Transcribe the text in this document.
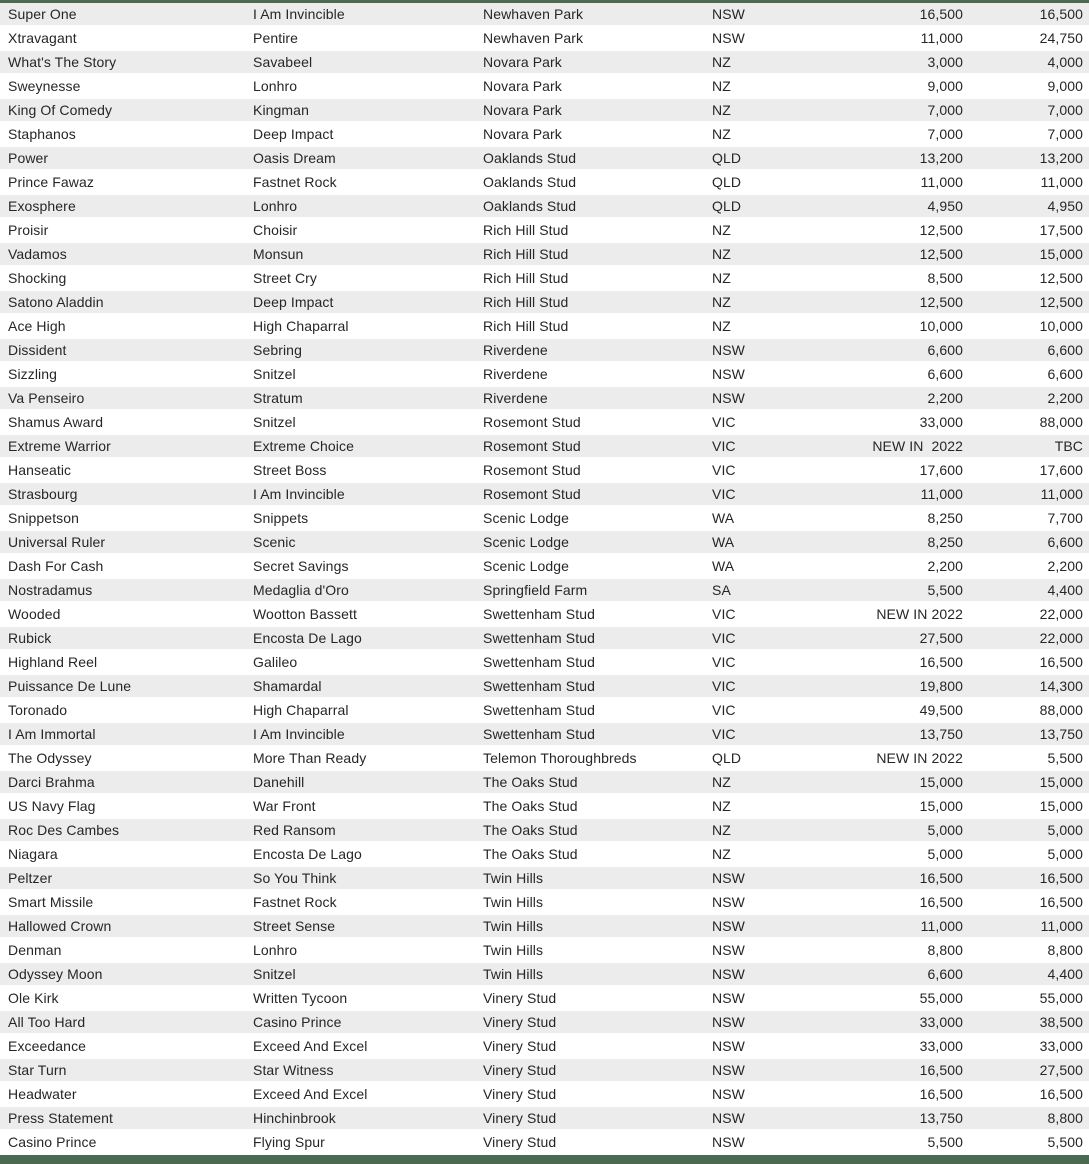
Super One	I Am Invincible	Newhaven Park	NSW	16,500	16,500
Xtravagant	Pentire	Newhaven Park	NSW	11,000	24,750
What's The Story	Savabeel	Novara Park	NZ	3,000	4,000
Sweynesse	Lonhro	Novara Park	NZ	9,000	9,000
King Of Comedy	Kingman	Novara Park	NZ	7,000	7,000
Staphanos	Deep Impact	Novara Park	NZ	7,000	7,000
Power	Oasis Dream	Oaklands Stud	QLD	13,200	13,200
Prince Fawaz	Fastnet Rock	Oaklands Stud	QLD	11,000	11,000
Exosphere	Lonhro	Oaklands Stud	QLD	4,950	4,950
Proisir	Choisir	Rich Hill Stud	NZ	12,500	17,500
Vadamos	Monsun	Rich Hill Stud	NZ	12,500	15,000
Shocking	Street Cry	Rich Hill Stud	NZ	8,500	12,500
Satono Aladdin	Deep Impact	Rich Hill Stud	NZ	12,500	12,500
Ace High	High Chaparral	Rich Hill Stud	NZ	10,000	10,000
Dissident	Sebring	Riverdene	NSW	6,600	6,600
Sizzling	Snitzel	Riverdene	NSW	6,600	6,600
Va Penseiro	Stratum	Riverdene	NSW	2,200	2,200
Shamus Award	Snitzel	Rosemont Stud	VIC	33,000	88,000
Extreme Warrior	Extreme Choice	Rosemont Stud	VIC	NEW IN  2022	TBC
Hanseatic	Street Boss	Rosemont Stud	VIC	17,600	17,600
Strasbourg	I Am Invincible	Rosemont Stud	VIC	11,000	11,000
Snippetson	Snippets	Scenic Lodge	WA	8,250	7,700
Universal Ruler	Scenic	Scenic Lodge	WA	8,250	6,600
Dash For Cash	Secret Savings	Scenic Lodge	WA	2,200	2,200
Nostradamus	Medaglia d'Oro	Springfield Farm	SA	5,500	4,400
Wooded	Wootton Bassett	Swettenham Stud	VIC	NEW IN 2022	22,000
Rubick	Encosta De Lago	Swettenham Stud	VIC	27,500	22,000
Highland Reel	Galileo	Swettenham Stud	VIC	16,500	16,500
Puissance De Lune	Shamardal	Swettenham Stud	VIC	19,800	14,300
Toronado	High Chaparral	Swettenham Stud	VIC	49,500	88,000
I Am Immortal	I Am Invincible	Swettenham Stud	VIC	13,750	13,750
The Odyssey	More Than Ready	Telemon Thoroughbreds	QLD	NEW IN 2022	5,500
Darci Brahma	Danehill	The Oaks Stud	NZ	15,000	15,000
US Navy Flag	War Front	The Oaks Stud	NZ	15,000	15,000
Roc Des Cambes	Red Ransom	The Oaks Stud	NZ	5,000	5,000
Niagara	Encosta De Lago	The Oaks Stud	NZ	5,000	5,000
Peltzer	So You Think	Twin Hills	NSW	16,500	16,500
Smart Missile	Fastnet Rock	Twin Hills	NSW	16,500	16,500
Hallowed Crown	Street Sense	Twin Hills	NSW	11,000	11,000
Denman	Lonhro	Twin Hills	NSW	8,800	8,800
Odyssey Moon	Snitzel	Twin Hills	NSW	6,600	4,400
Ole Kirk	Written Tycoon	Vinery Stud	NSW	55,000	55,000
All Too Hard	Casino Prince	Vinery Stud	NSW	33,000	38,500
Exceedance	Exceed And Excel	Vinery Stud	NSW	33,000	33,000
Star Turn	Star Witness	Vinery Stud	NSW	16,500	27,500
Headwater	Exceed And Excel	Vinery Stud	NSW	16,500	16,500
Press Statement	Hinchinbrook	Vinery Stud	NSW	13,750	8,800
Casino Prince	Flying Spur	Vinery Stud	NSW	5,500	5,500
